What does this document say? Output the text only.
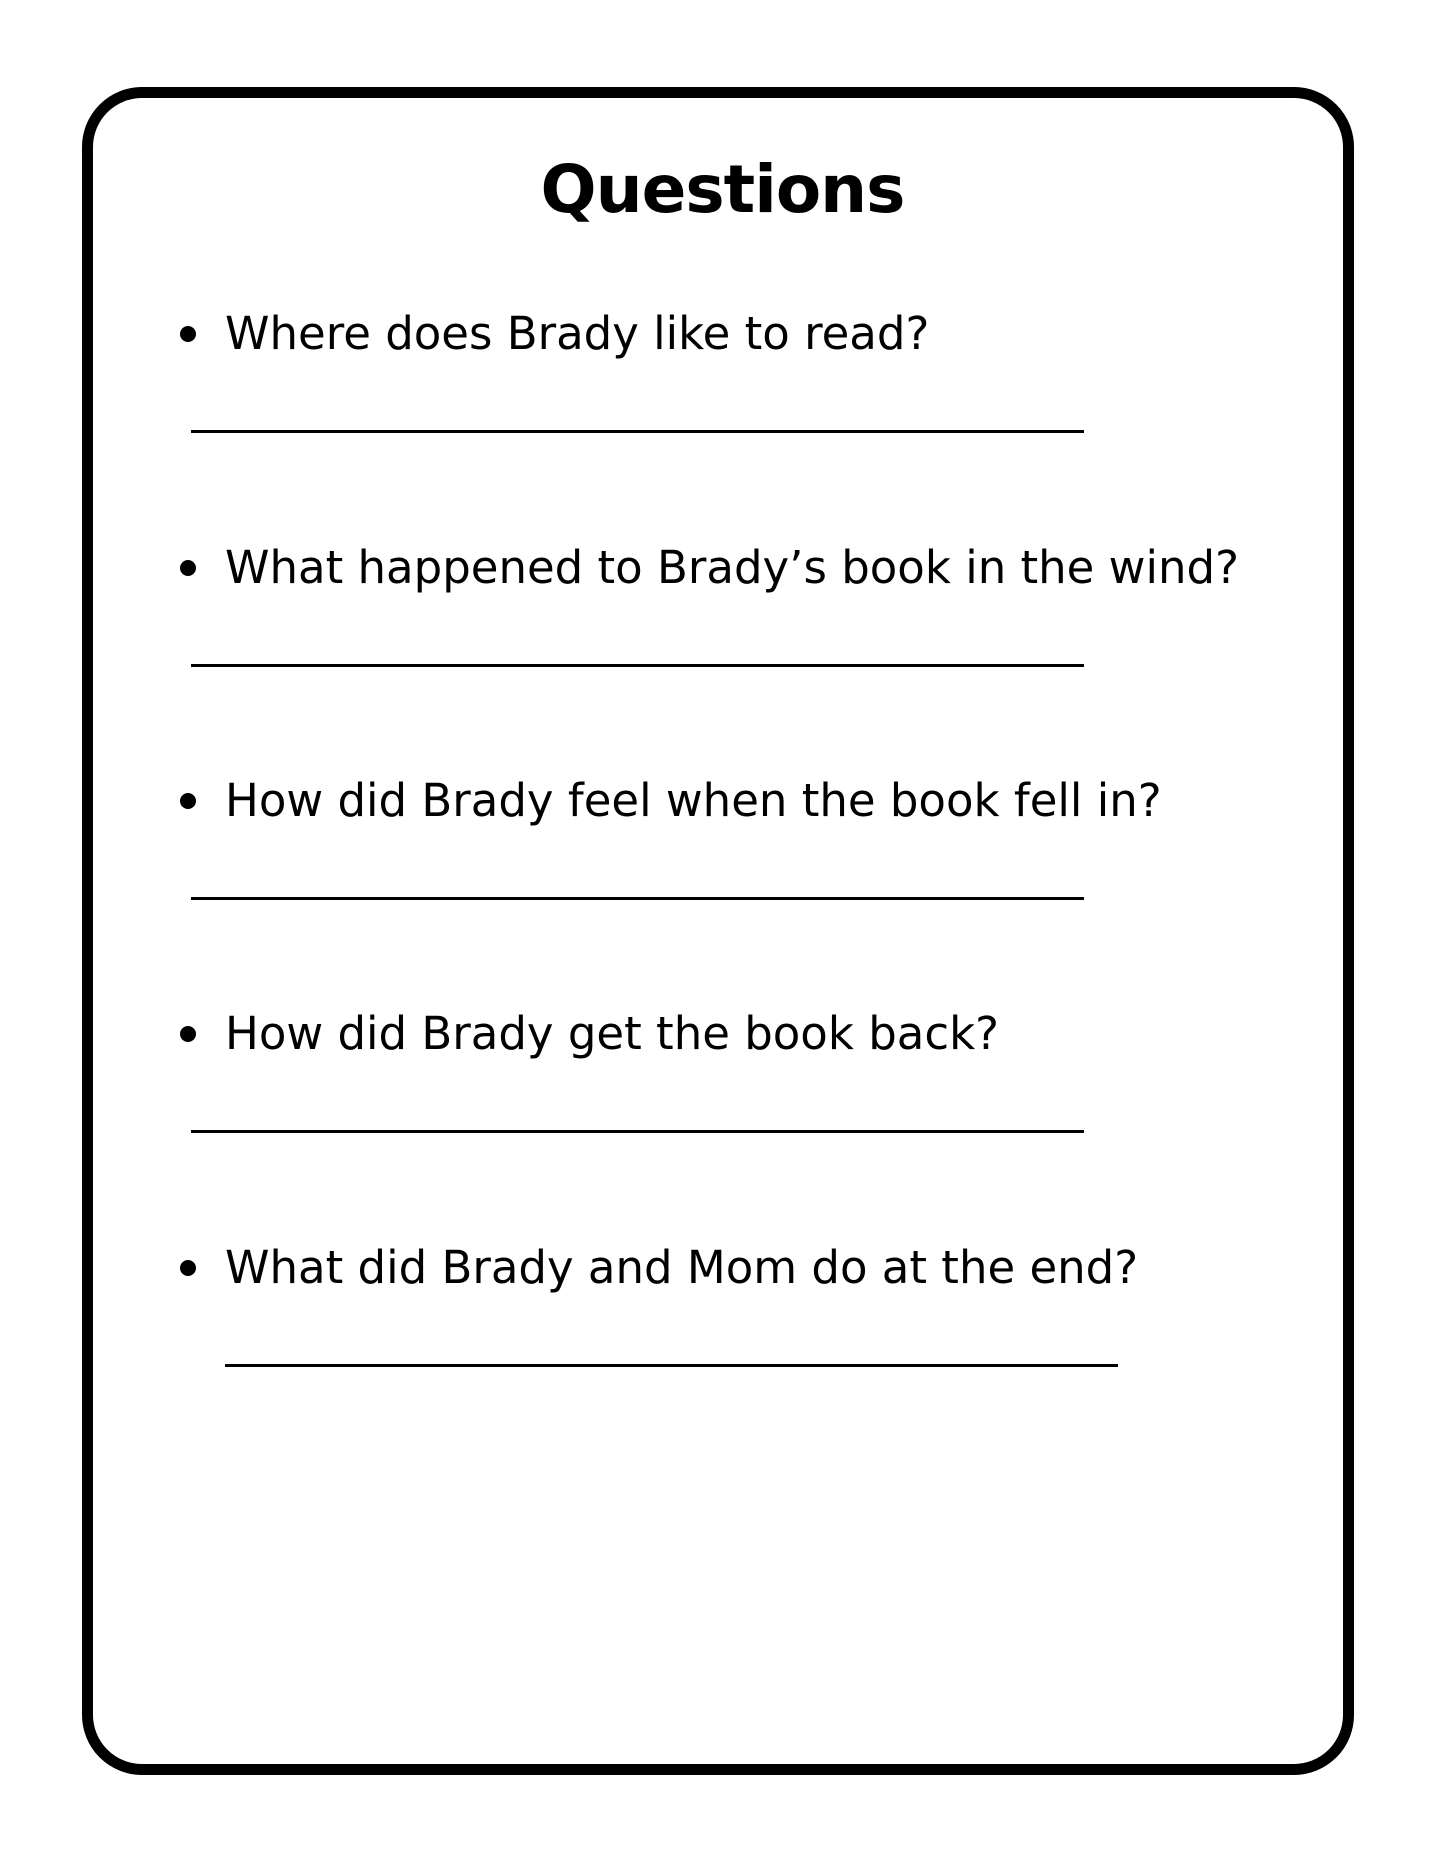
Questions
Where does Brady like to read?
What happened to Brady’s book in the wind?
How did Brady feel when the book fell in?
How did Brady get the book back?
What did Brady and Mom do at the end?
